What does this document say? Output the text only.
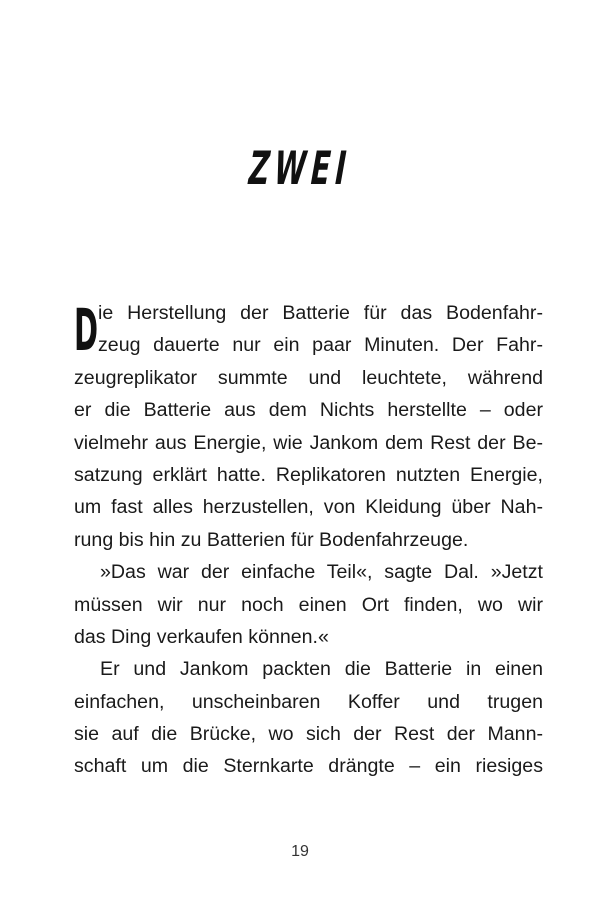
ZWEI
D ie Herstellung der Batterie für das Bodenfahr-
zeug dauerte nur ein paar Minuten. Der Fahr-
zeugreplikator summte und leuchtete, während
er die Batterie aus dem Nichts herstellte – oder
vielmehr aus Energie, wie Jankom dem Rest der Be-
satzung erklärt hatte. Replikatoren nutzten Energie,
um fast alles herzustellen, von Kleidung über Nah-
rung bis hin zu Batterien für Bodenfahrzeuge.
»Das war der einfache Teil«, sagte Dal. »Jetzt
müssen wir nur noch einen Ort finden, wo wir
das Ding verkaufen können.«
Er und Jankom packten die Batterie in einen
einfachen, unscheinbaren Koffer und trugen
sie auf die Brücke, wo sich der Rest der Mann-
schaft um die Sternkarte drängte – ein riesiges
19
